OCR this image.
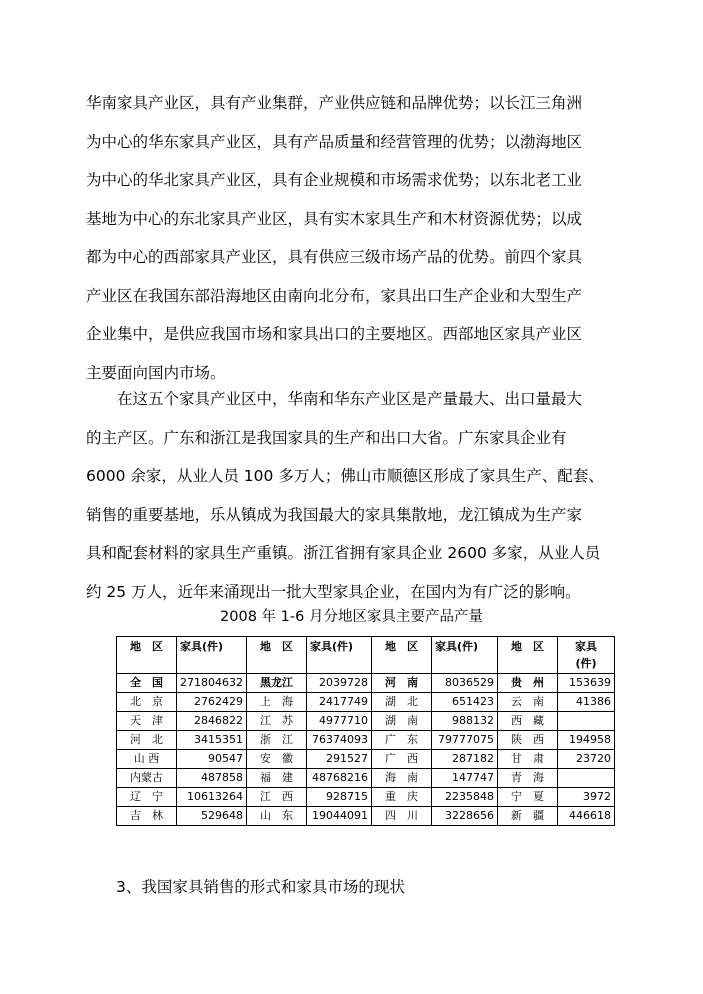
华南家具产业区，具有产业集群，产业供应链和品牌优势；以长江三角洲
为中心的华东家具产业区，具有产品质量和经营管理的优势；以渤海地区
为中心的华北家具产业区，具有企业规模和市场需求优势；以东北老工业
基地为中心的东北家具产业区，具有实木家具生产和木材资源优势；以成
都为中心的西部家具产业区，具有供应三级市场产品的优势。前四个家具
产业区在我国东部沿海地区由南向北分布，家具出口生产企业和大型生产
企业集中，是供应我国市场和家具出口的主要地区。西部地区家具产业区
主要面向国内市场。
在这五个家具产业区中，华南和华东产业区是产量最大、出口量最大
的主产区。广东和浙江是我国家具的生产和出口大省。广东家具企业有
6000 余家，从业人员 100 多万人；佛山市顺德区形成了家具生产、配套、
销售的重要基地，乐从镇成为我国最大的家具集散地，龙江镇成为生产家
具和配套材料的家具生产重镇。浙江省拥有家具企业 2600 多家，从业人员
约 25 万人，近年来涌现出一批大型家具企业，在国内为有广泛的影响。
2008 年 1-6 月分地区家具主要产品产量
地　区	家具(件)	地　区	家具(件)	地　区	家具(件)	地　区	家具
(件)
全　国	271804632	黑龙江	2039728	河　南	8036529	贵　州	153639
北　京	2762429	上　海	2417749	湖　北	651423	云　南	41386
天　津	2846822	江　苏	4977710	湖　南	988132	西　藏	
河　北	3415351	浙　江	76374093	广　东	79777075	陕　西	194958
山 西	90547	安　徽	291527	广　西	287182	甘　肃	23720
内蒙古	487858	福　建	48768216	海　南	147747	青　海	
辽　宁	10613264	江　西	928715	重　庆	2235848	宁　夏	3972
吉　林	529648	山　东	19044091	四　川	3228656	新　疆	446618
3、我国家具销售的形式和家具市场的现状
